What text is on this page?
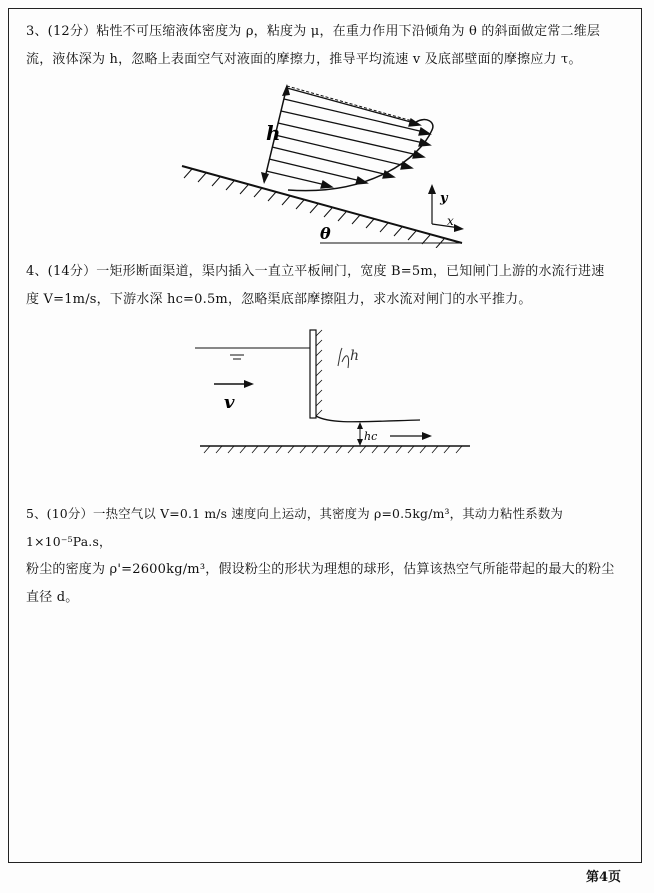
3、(12分）粘性不可压缩液体密度为 ρ，粘度为 μ，在重力作用下沿倾角为 θ 的斜面做定常二维层

流，液体深为 h，忽略上表面空气对液面的摩擦力，推导平均流速 v 及底部壁面的摩擦应力 τ。

y
x
h
θ

4、(14分）一矩形断面渠道，渠内插入一直立平板闸门，宽度 B=5m，已知闸门上游的水流行进速

度 V=1m/s，下游水深 hc=0.5m，忽略渠底部摩擦阻力，求水流对闸门的水平推力。

hc
v
h

5、(10分）一热空气以 V=0.1 m/s 速度向上运动，其密度为 ρ=0.5kg/m³，其动力粘性系数为 1×10⁻⁵Pa.s，

粉尘的密度为 ρ'=2600kg/m³，假设粉尘的形状为理想的球形，估算该热空气所能带起的最大的粉尘

直径 d。

第4页
